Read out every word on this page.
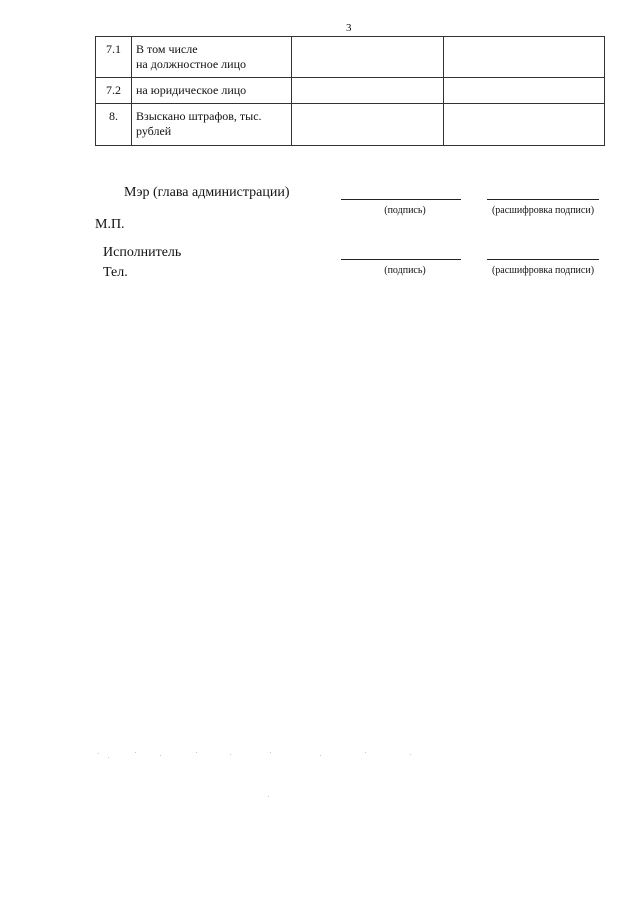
3
7.1	В том числе
на должностное лицо		

7.2	на юридическое лицо		

8.	Взыскано штрафов, тыс.
рублей		

Мэр (глава администрации)
(подпись)	(расшифровка подписи)
М.П.
Исполнитель
Тел.	(подпись)	(расшифровка подписи)
